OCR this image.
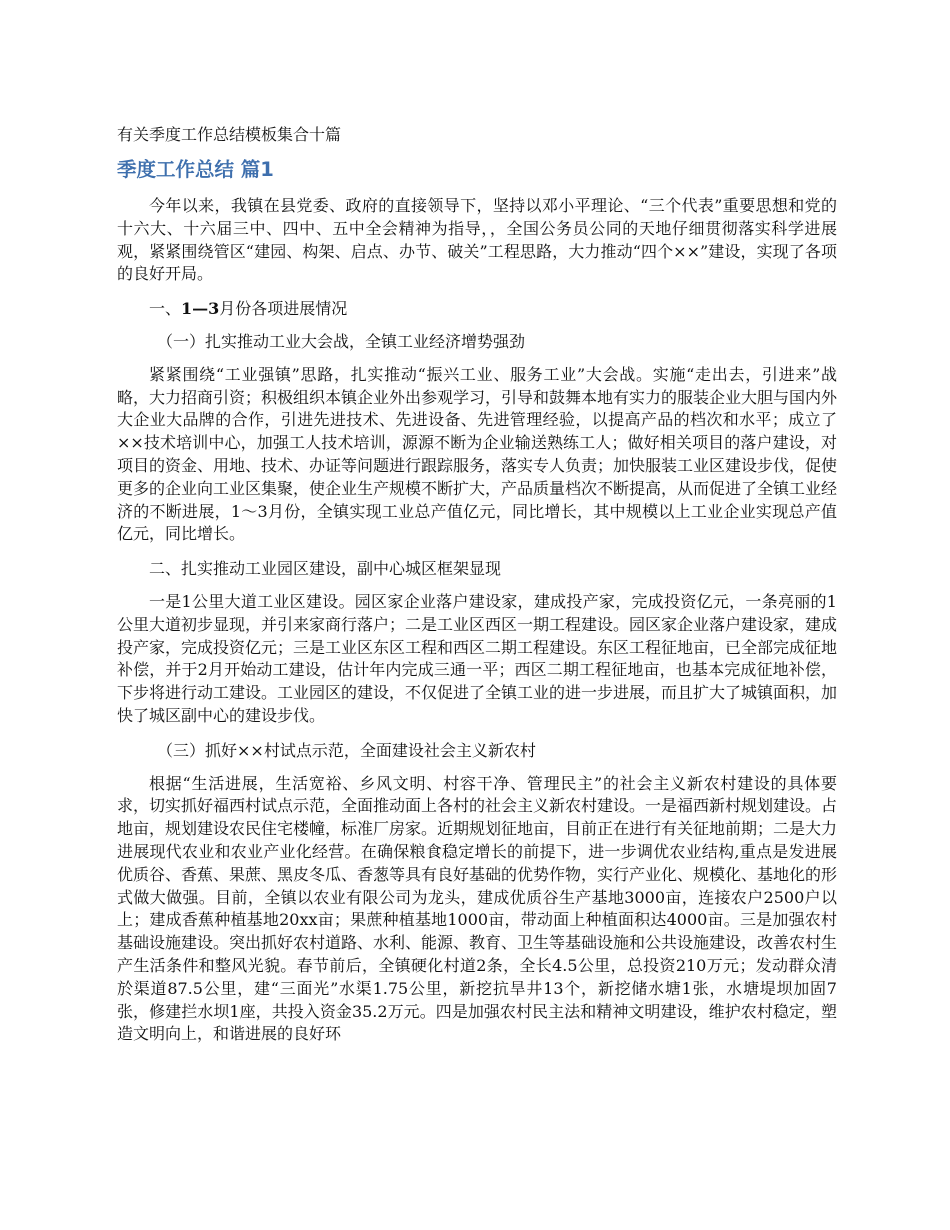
有关季度工作总结模板集合十篇
季度工作总结 篇1

今年以来，我镇在县党委、政府的直接领导下，坚持以邓小平理论、“三个代表”重要思想和党的十六大、十六届三中、四中、五中全会精神为指导，，全国公务员公同的天地仔细贯彻落实科学进展观，紧紧围绕管区“建园、构架、启点、办节、破关”工程思路，大力推动“四个××”建设，实现了各项的良好开局。

一、1—3月份各项进展情况

（一）扎实推动工业大会战，全镇工业经济增势强劲

紧紧围绕“工业强镇”思路，扎实推动“振兴工业、服务工业”大会战。实施“走出去，引进来”战略，大力招商引资；积极组织本镇企业外出参观学习，引导和鼓舞本地有实力的服装企业大胆与国内外大企业大品牌的合作，引进先进技术、先进设备、先进管理经验，以提高产品的档次和水平；成立了××技术培训中心，加强工人技术培训，源源不断为企业输送熟练工人；做好相关项目的落户建设，对项目的资金、用地、技术、办证等问题进行跟踪服务，落实专人负责；加快服装工业区建设步伐，促使更多的企业向工业区集聚，使企业生产规模不断扩大，产品质量档次不断提高，从而促进了全镇工业经济的不断进展，1～3月份，全镇实现工业总产值亿元，同比增长，其中规模以上工业企业实现总产值亿元，同比增长。

二、扎实推动工业园区建设，副中心城区框架显现

一是1公里大道工业区建设。园区家企业落户建设家，建成投产家，完成投资亿元，一条亮丽的1公里大道初步显现，并引来家商行落户；二是工业区西区一期工程建设。园区家企业落户建设家，建成投产家，完成投资亿元；三是工业区东区工程和西区二期工程建设。东区工程征地亩，已全部完成征地补偿，并于2月开始动工建设，估计年内完成三通一平；西区二期工程征地亩，也基本完成征地补偿，下步将进行动工建设。工业园区的建设，不仅促进了全镇工业的进一步进展，而且扩大了城镇面积，加快了城区副中心的建设步伐。

（三）抓好××村试点示范，全面建设社会主义新农村

根据“生活进展，生活宽裕、乡风文明、村容干净、管理民主”的社会主义新农村建设的具体要求，切实抓好福西村试点示范，全面推动面上各村的社会主义新农村建设。一是福西新村规划建设。占地亩，规划建设农民住宅楼幢，标准厂房家。近期规划征地亩，目前正在进行有关征地前期；二是大力进展现代农业和农业产业化经营。在确保粮食稳定增长的前提下，进一步调优农业结构,重点是发进展优质谷、香蕉、果蔗、黑皮冬瓜、香葱等具有良好基础的优势作物，实行产业化、规模化、基地化的形式做大做强。目前，全镇以农业有限公司为龙头，建成优质谷生产基地3000亩，连接农户2500户以上；建成香蕉种植基地20xx亩；果蔗种植基地1000亩，带动面上种植面积达4000亩。三是加强农村基础设施建设。突出抓好农村道路、水利、能源、教育、卫生等基础设施和公共设施建设，改善农村生产生活条件和整风光貌。春节前后，全镇硬化村道2条，全长4.5公里，总投资210万元；发动群众清於渠道87.5公里，建“三面光”水渠1.75公里，新挖抗旱井13个，新挖储水塘1张，水塘堤坝加固7张，修建拦水坝1座，共投入资金35.2万元。四是加强农村民主法和精神文明建设，维护农村稳定，塑造文明向上，和谐进展的良好环
